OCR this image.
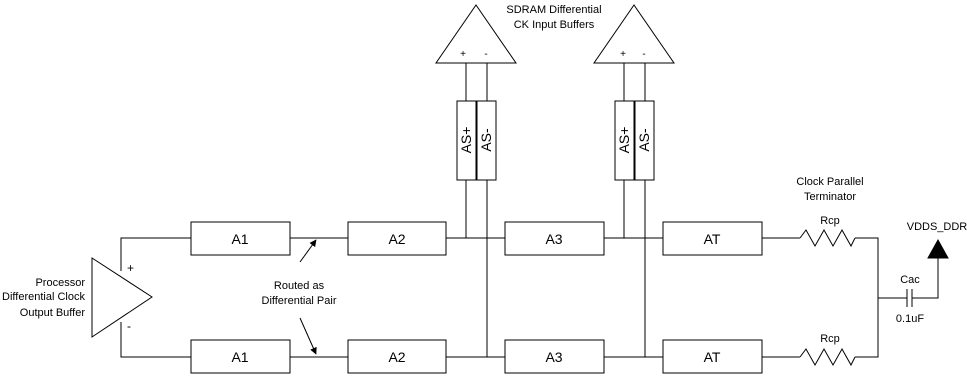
+
-
Processor
Differential Clock
Output Buffer
A1	A2	A3	AT
A1	A2	A3	AT
AS+ AS-	AS+ AS-
+ -	+ -
SDRAM Differential
CK Input Buffers
Routed as
Differential Pair
Rcp
Rcp
Clock Parallel
Terminator
Cac
0.1uF
VDDS_DDR
